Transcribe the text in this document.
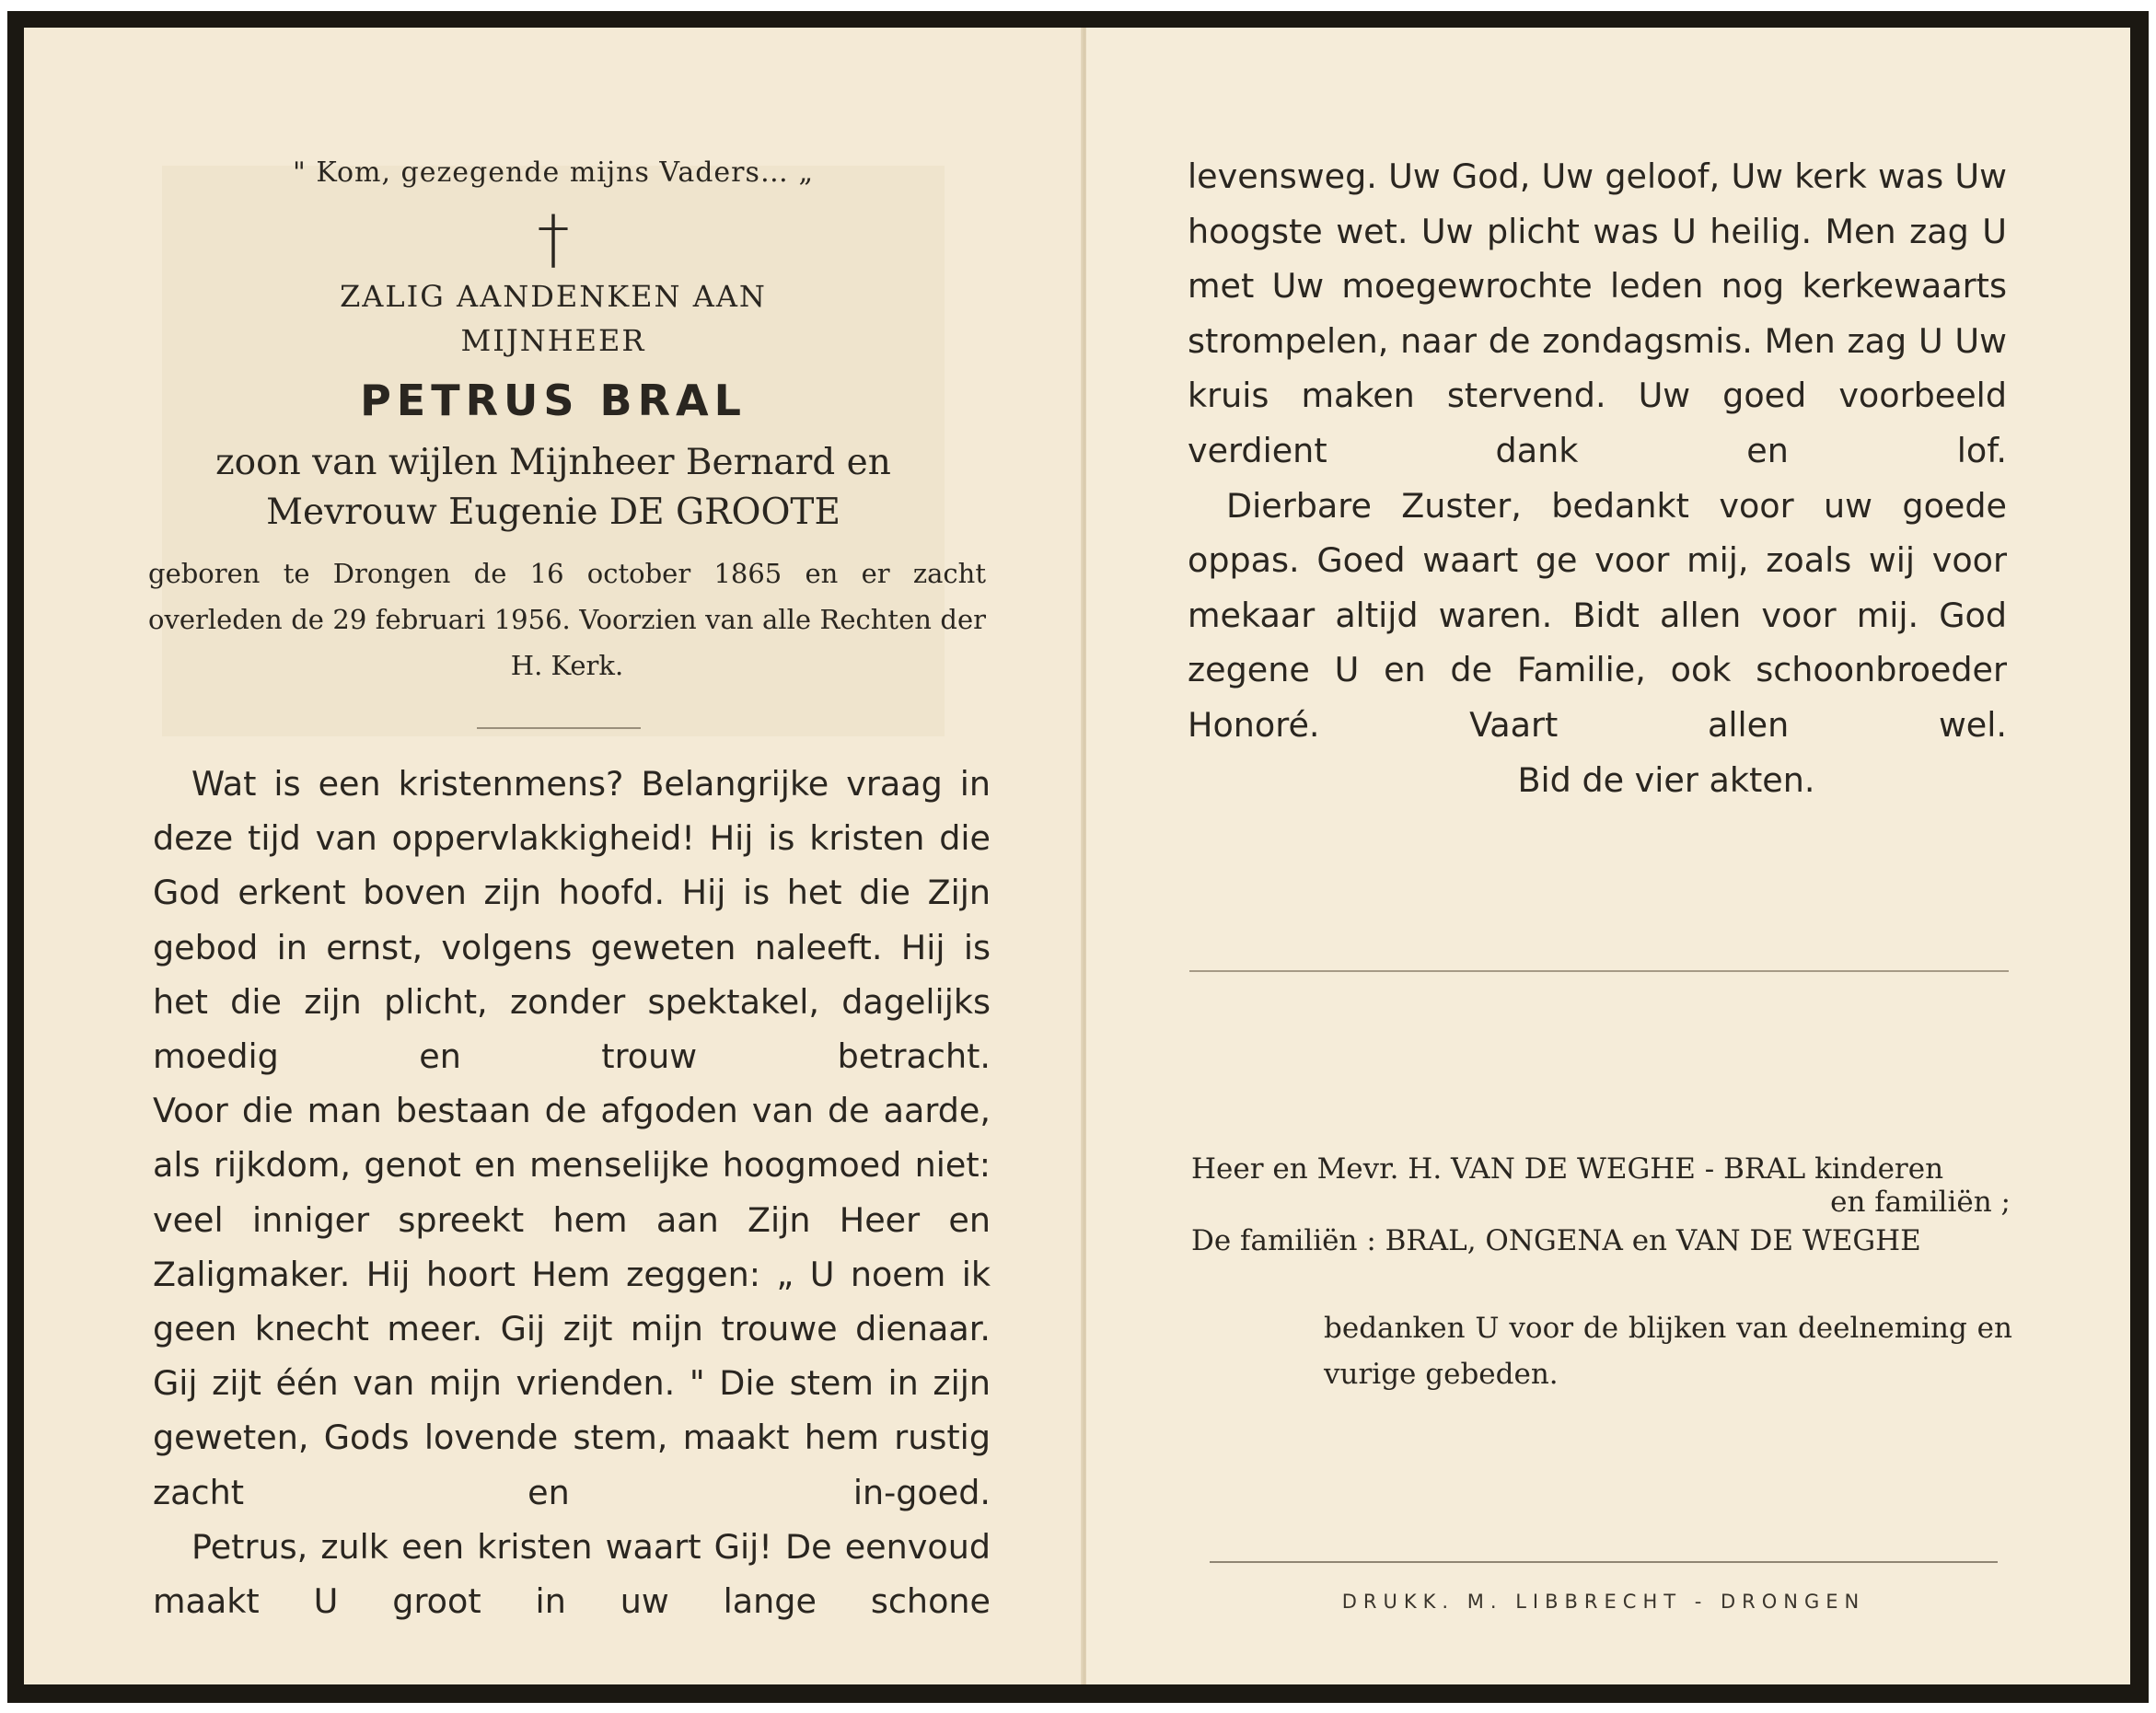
" Kom, gezegende mijns Vaders… „
†
ZALIG AANDENKEN AAN
MIJNHEER
PETRUS BRAL
zoon van wijlen Mijnheer Bernard en
Mevrouw Eugenie DE GROOTE
geboren te Drongen de 16 october 1865 en er zacht overleden de 29 februari 1956. Voorzien van alle Rechten der H. Kerk.

Wat is een kristenmens? Belangrijke vraag in deze tijd van oppervlakkigheid! Hij is kristen die God erkent boven zijn hoofd. Hij is het die Zijn gebod in ernst, volgens geweten naleeft. Hij is het die zijn plicht, zonder spektakel, dagelijks moedig en trouw betracht.

Voor die man bestaan de afgoden van de aarde, als rijkdom, genot en menselijke hoogmoed niet: veel inniger spreekt hem aan Zijn Heer en Zaligmaker. Hij hoort Hem zeggen: „ U noem ik geen knecht meer. Gij zijt mijn trouwe dienaar. Gij zijt één van mijn vrienden. " Die stem in zijn geweten, Gods lovende stem, maakt hem rustig zacht en in-goed.

Petrus, zulk een kristen waart Gij! De eenvoud maakt U groot in uw lange schone

levensweg. Uw God, Uw geloof, Uw kerk was Uw hoogste wet. Uw plicht was U heilig. Men zag U met Uw moegewrochte leden nog kerkewaarts strompelen, naar de zondagsmis. Men zag U Uw kruis maken stervend. Uw goed voorbeeld verdient dank en lof.

Dierbare Zuster, bedankt voor uw goede oppas. Goed waart ge voor mij, zoals wij voor mekaar altijd waren. Bidt allen voor mij. God zegene U en de Familie, ook schoonbroeder Honoré. Vaart allen wel.

Bid de vier akten.

Heer en Mevr. H. VAN DE WEGHE - BRAL kinderen
en familiën ;
De familiën : BRAL, ONGENA en VAN DE WEGHE
bedanken U voor de blijken van deelneming en vurige gebeden.
DRUKK. M. LIBBRECHT - DRONGEN
